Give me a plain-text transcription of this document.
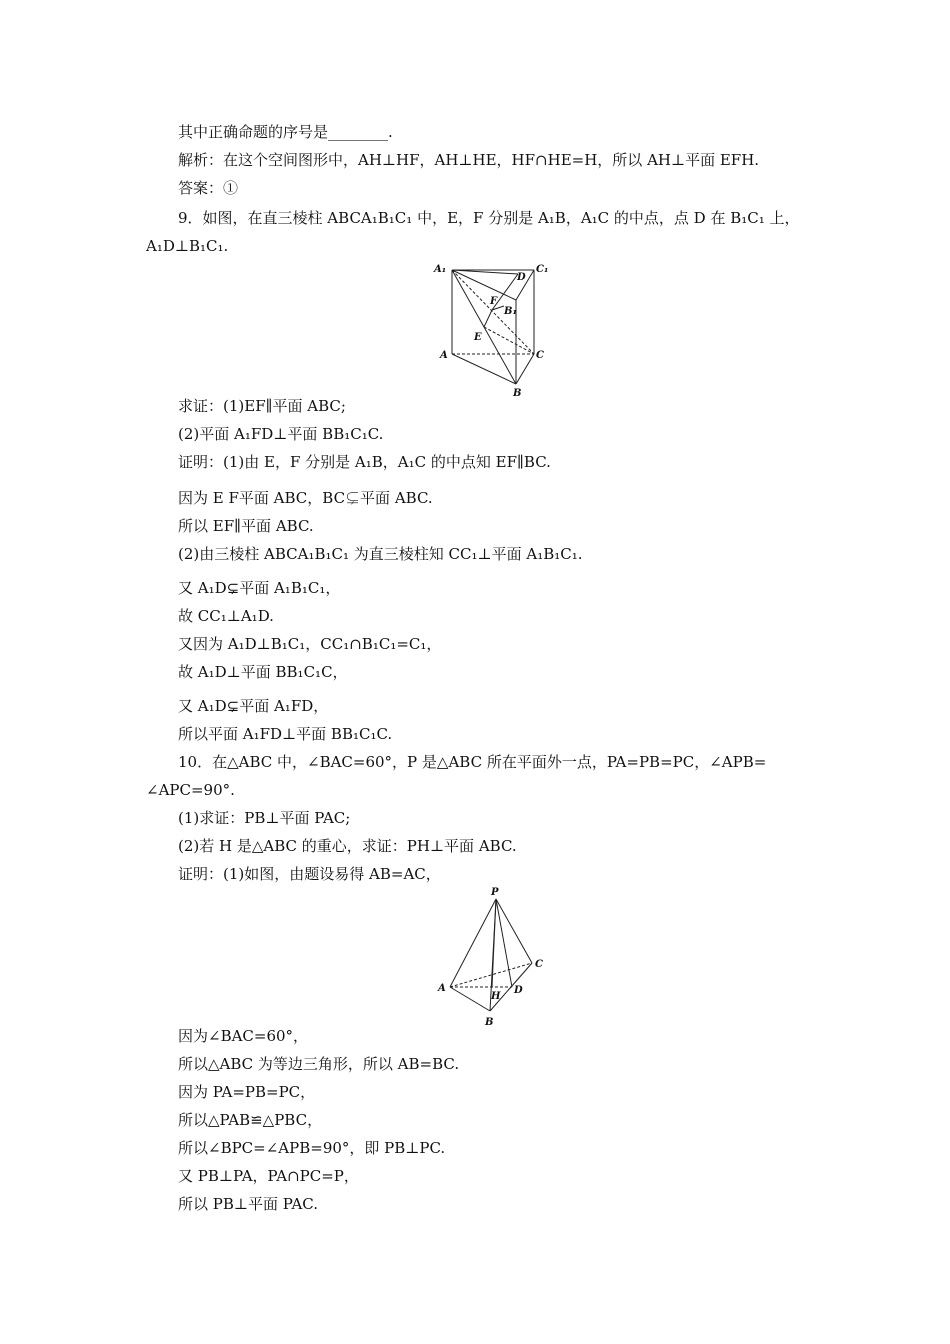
其中正确命题的序号是________.
解析：在这个空间图形中，AH⊥HF，AH⊥HE，HF∩HE=H，所以 AH⊥平面 EFH.
答案：①
9．如图，在直三棱柱 ABCA₁B₁C₁ 中，E，F 分别是 A₁B，A₁C 的中点，点 D 在 B₁C₁ 上，
A₁D⊥B₁C₁.
A₁	C₁
D
F
B₁
E
A	C
B
求证：(1)EF∥平面 ABC;
(2)平面 A₁FD⊥平面 BB₁C₁C.
证明：(1)由 E，F 分别是 A₁B，A₁C 的中点知 EF∥BC.
因为 E F平面 ABC，BC⊊平面 ABC.
所以 EF∥平面 ABC.
(2)由三棱柱 ABCA₁B₁C₁ 为直三棱柱知 CC₁⊥平面 A₁B₁C₁.
又 A₁D⊊平面 A₁B₁C₁，
故 CC₁⊥A₁D.
又因为 A₁D⊥B₁C₁，CC₁∩B₁C₁=C₁，
故 A₁D⊥平面 BB₁C₁C，
又 A₁D⊊平面 A₁FD，
所以平面 A₁FD⊥平面 BB₁C₁C.
10．在△ABC 中，∠BAC=60°，P 是△ABC 所在平面外一点，PA=PB=PC，∠APB=
∠APC=90°.
(1)求证：PB⊥平面 PAC;
(2)若 H 是△ABC 的重心，求证：PH⊥平面 ABC.
证明：(1)如图，由题设易得 AB=AC，
P
C
A
H
D
B
因为∠BAC=60°，
所以△ABC 为等边三角形，所以 AB=BC.
因为 PA=PB=PC，
所以△PAB≌△PBC，
所以∠BPC=∠APB=90°，即 PB⊥PC.
又 PB⊥PA，PA∩PC=P，
所以 PB⊥平面 PAC.
